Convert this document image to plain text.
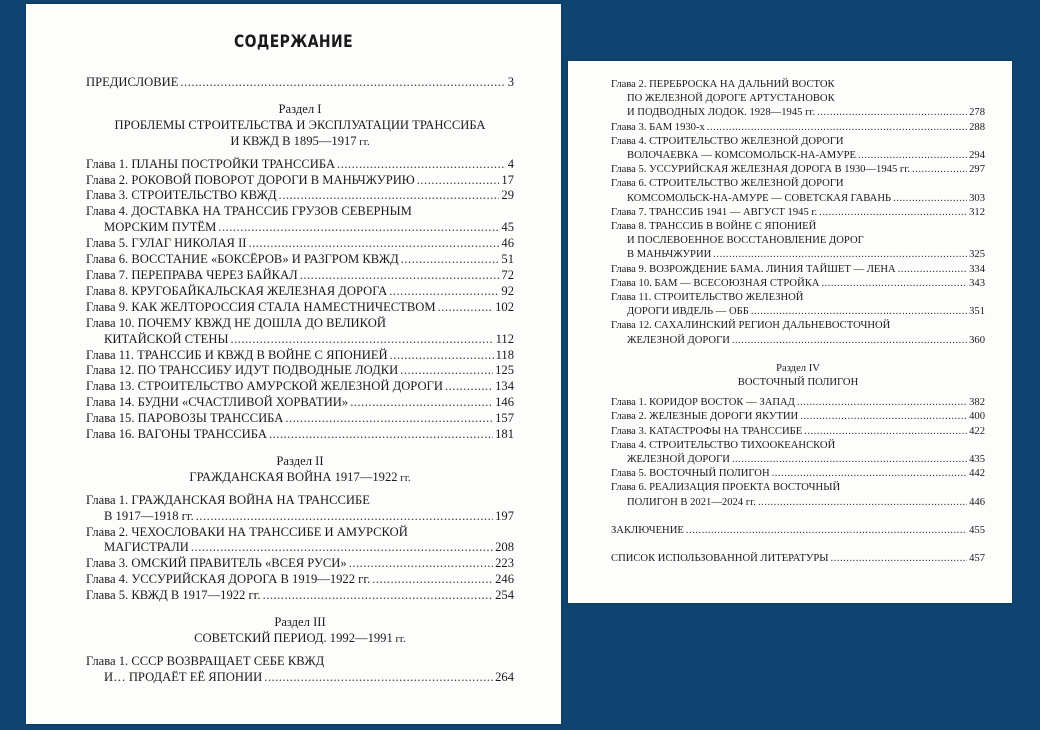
СОДЕРЖАНИЕ
ПРЕДИСЛОВИЕ .....	3
Раздел I
ПРОБЛЕМЫ СТРОИТЕЛЬСТВА И ЭКСПЛУАТАЦИИ ТРАНССИБА
И КВЖД В 1895—1917 гг.
Глава 1. ПЛАНЫ ПОСТРОЙКИ ТРАНССИБА .....	4
Глава 2. РОКОВОЙ ПОВОРОТ ДОРОГИ В МАНЬЧЖУРИЮ .....	17
Глава 3. СТРОИТЕЛЬСТВО КВЖД .....	29
Глава 4. ДОСТАВКА НА ТРАНССИБ ГРУЗОВ СЕВЕРНЫМ
МОРСКИМ ПУТЁМ .....	45
Глава 5. ГУЛАГ НИКОЛАЯ II .....	46
Глава 6. ВОССТАНИЕ «БОКСЁРОВ» И РАЗГРОМ КВЖД .....	51
Глава 7. ПЕРЕПРАВА ЧЕРЕЗ БАЙКАЛ .....	72
Глава 8. КРУГОБАЙКАЛЬСКАЯ ЖЕЛЕЗНАЯ ДОРОГА .....	92
Глава 9. КАК ЖЕЛТОРОССИЯ СТАЛА НАМЕСТНИЧЕСТВОМ .....	102
Глава 10. ПОЧЕМУ КВЖД НЕ ДОШЛА ДО ВЕЛИКОЙ
КИТАЙСКОЙ СТЕНЫ .....	112
Глава 11. ТРАНССИБ И КВЖД В ВОЙНЕ С ЯПОНИЕЙ .....	118
Глава 12. ПО ТРАНССИБУ ИДУТ ПОДВОДНЫЕ ЛОДКИ .....	125
Глава 13. СТРОИТЕЛЬСТВО АМУРСКОЙ ЖЕЛЕЗНОЙ ДОРОГИ .....	134
Глава 14. БУДНИ «СЧАСТЛИВОЙ ХОРВАТИИ» .....	146
Глава 15. ПАРОВОЗЫ ТРАНССИБА .....	157
Глава 16. ВАГОНЫ ТРАНССИБА .....	181
Раздел II
ГРАЖДАНСКАЯ ВОЙНА 1917—1922 гг.
Глава 1. ГРАЖДАНСКАЯ ВОЙНА НА ТРАНССИБЕ
В 1917—1918 гг. .....	197
Глава 2. ЧЕХОСЛОВАКИ НА ТРАНССИБЕ И АМУРСКОЙ
МАГИСТРАЛИ .....	208
Глава 3. ОМСКИЙ ПРАВИТЕЛЬ «ВСЕЯ РУСИ» .....	223
Глава 4. УССУРИЙСКАЯ ДОРОГА В 1919—1922 гг. .....	246
Глава 5. КВЖД В 1917—1922 гг. .....	254
Раздел III
СОВЕТСКИЙ ПЕРИОД. 1992—1991 гг.
Глава 1. СССР ВОЗВРАЩАЕТ СЕБЕ КВЖД
И… ПРОДАЁТ ЕЁ ЯПОНИИ .....	264
Глава 2. ПЕРЕБРОСКА НА ДАЛЬНИЙ ВОСТОК
ПО ЖЕЛЕЗНОЙ ДОРОГЕ АРТУСТАНОВОК
И ПОДВОДНЫХ ЛОДОК. 1928—1945 гг. .....	278
Глава 3. БАМ 1930-х .....	288
Глава 4. СТРОИТЕЛЬСТВО ЖЕЛЕЗНОЙ ДОРОГИ
ВОЛОЧАЕВКА — КОМСОМОЛЬСК-НА-АМУРЕ .....	294
Глава 5. УССУРИЙСКАЯ ЖЕЛЕЗНАЯ ДОРОГА В 1930—1945 гг. .....	297
Глава 6. СТРОИТЕЛЬСТВО ЖЕЛЕЗНОЙ ДОРОГИ
КОМСОМОЛЬСК-НА-АМУРЕ — СОВЕТСКАЯ ГАВАНЬ .....	303
Глава 7. ТРАНССИБ 1941 — АВГУСТ 1945 г. .....	312
Глава 8. ТРАНССИБ В ВОЙНЕ С ЯПОНИЕЙ
И ПОСЛЕВОЕННОЕ ВОССТАНОВЛЕНИЕ ДОРОГ
В МАНЬЧЖУРИИ .....	325
Глава 9. ВОЗРОЖДЕНИЕ БАМА. ЛИНИЯ ТАЙШЕТ — ЛЕНА .....	334
Глава 10. БАМ — ВСЕСОЮЗНАЯ СТРОЙКА .....	343
Глава 11. СТРОИТЕЛЬСТВО ЖЕЛЕЗНОЙ
ДОРОГИ ИВДЕЛЬ — ОББ .....	351
Глава 12. САХАЛИНСКИЙ РЕГИОН ДАЛЬНЕВОСТОЧНОЙ
ЖЕЛЕЗНОЙ ДОРОГИ .....	360
Раздел IV
ВОСТОЧНЫЙ ПОЛИГОН
Глава 1. КОРИДОР ВОСТОК — ЗАПАД .....	382
Глава 2. ЖЕЛЕЗНЫЕ ДОРОГИ ЯКУТИИ .....	400
Глава 3. КАТАСТРОФЫ НА ТРАНССИБЕ .....	422
Глава 4. СТРОИТЕЛЬСТВО ТИХООКЕАНСКОЙ
ЖЕЛЕЗНОЙ ДОРОГИ .....	435
Глава 5. ВОСТОЧНЫЙ ПОЛИГОН .....	442
Глава 6. РЕАЛИЗАЦИЯ ПРОЕКТА ВОСТОЧНЫЙ
ПОЛИГОН В 2021—2024 гг. .....	446
ЗАКЛЮЧЕНИЕ .....	455
СПИСОК ИСПОЛЬЗОВАННОЙ ЛИТЕРАТУРЫ .....	457
